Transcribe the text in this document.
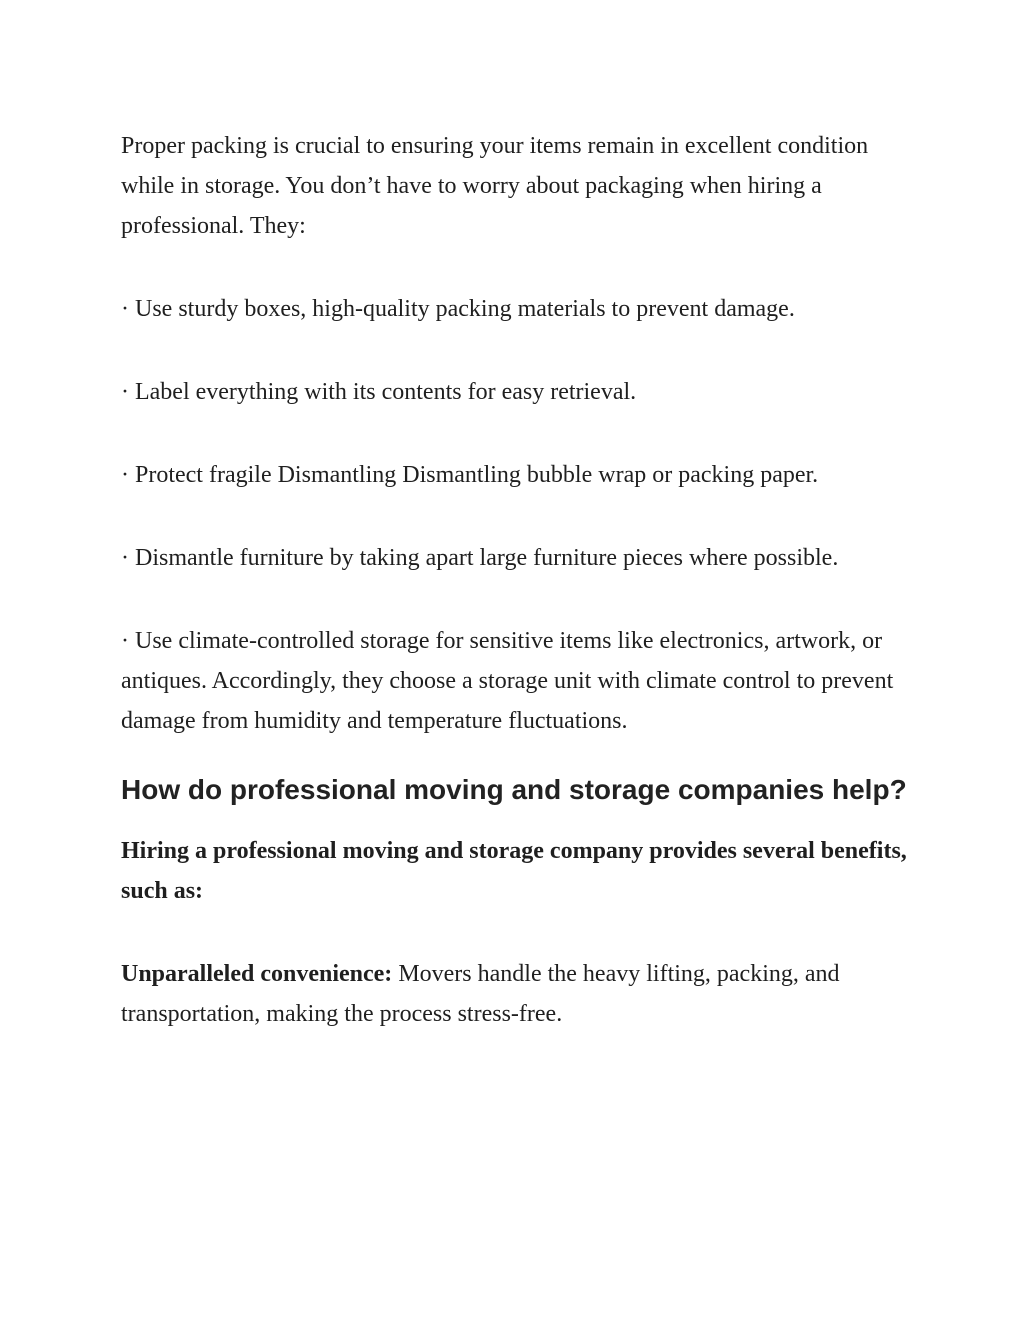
Proper packing is crucial to ensuring your items remain in excellent condition while in storage. You don’t have to worry about packaging when hiring a professional. They:

· Use sturdy boxes, high-quality packing materials to prevent damage.

· Label everything with its contents for easy retrieval.

· Protect fragile Dismantling Dismantling bubble wrap or packing paper.

· Dismantle furniture by taking apart large furniture pieces where possible.

· Use climate-controlled storage for sensitive items like electronics, artwork, or antiques. Accordingly, they choose a storage unit with climate control to prevent damage from humidity and temperature fluctuations.

How do professional moving and storage companies help?

Hiring a professional moving and storage company provides several benefits, such as:

Unparalleled convenience: Movers handle the heavy lifting, packing, and transportation, making the process stress-free.
